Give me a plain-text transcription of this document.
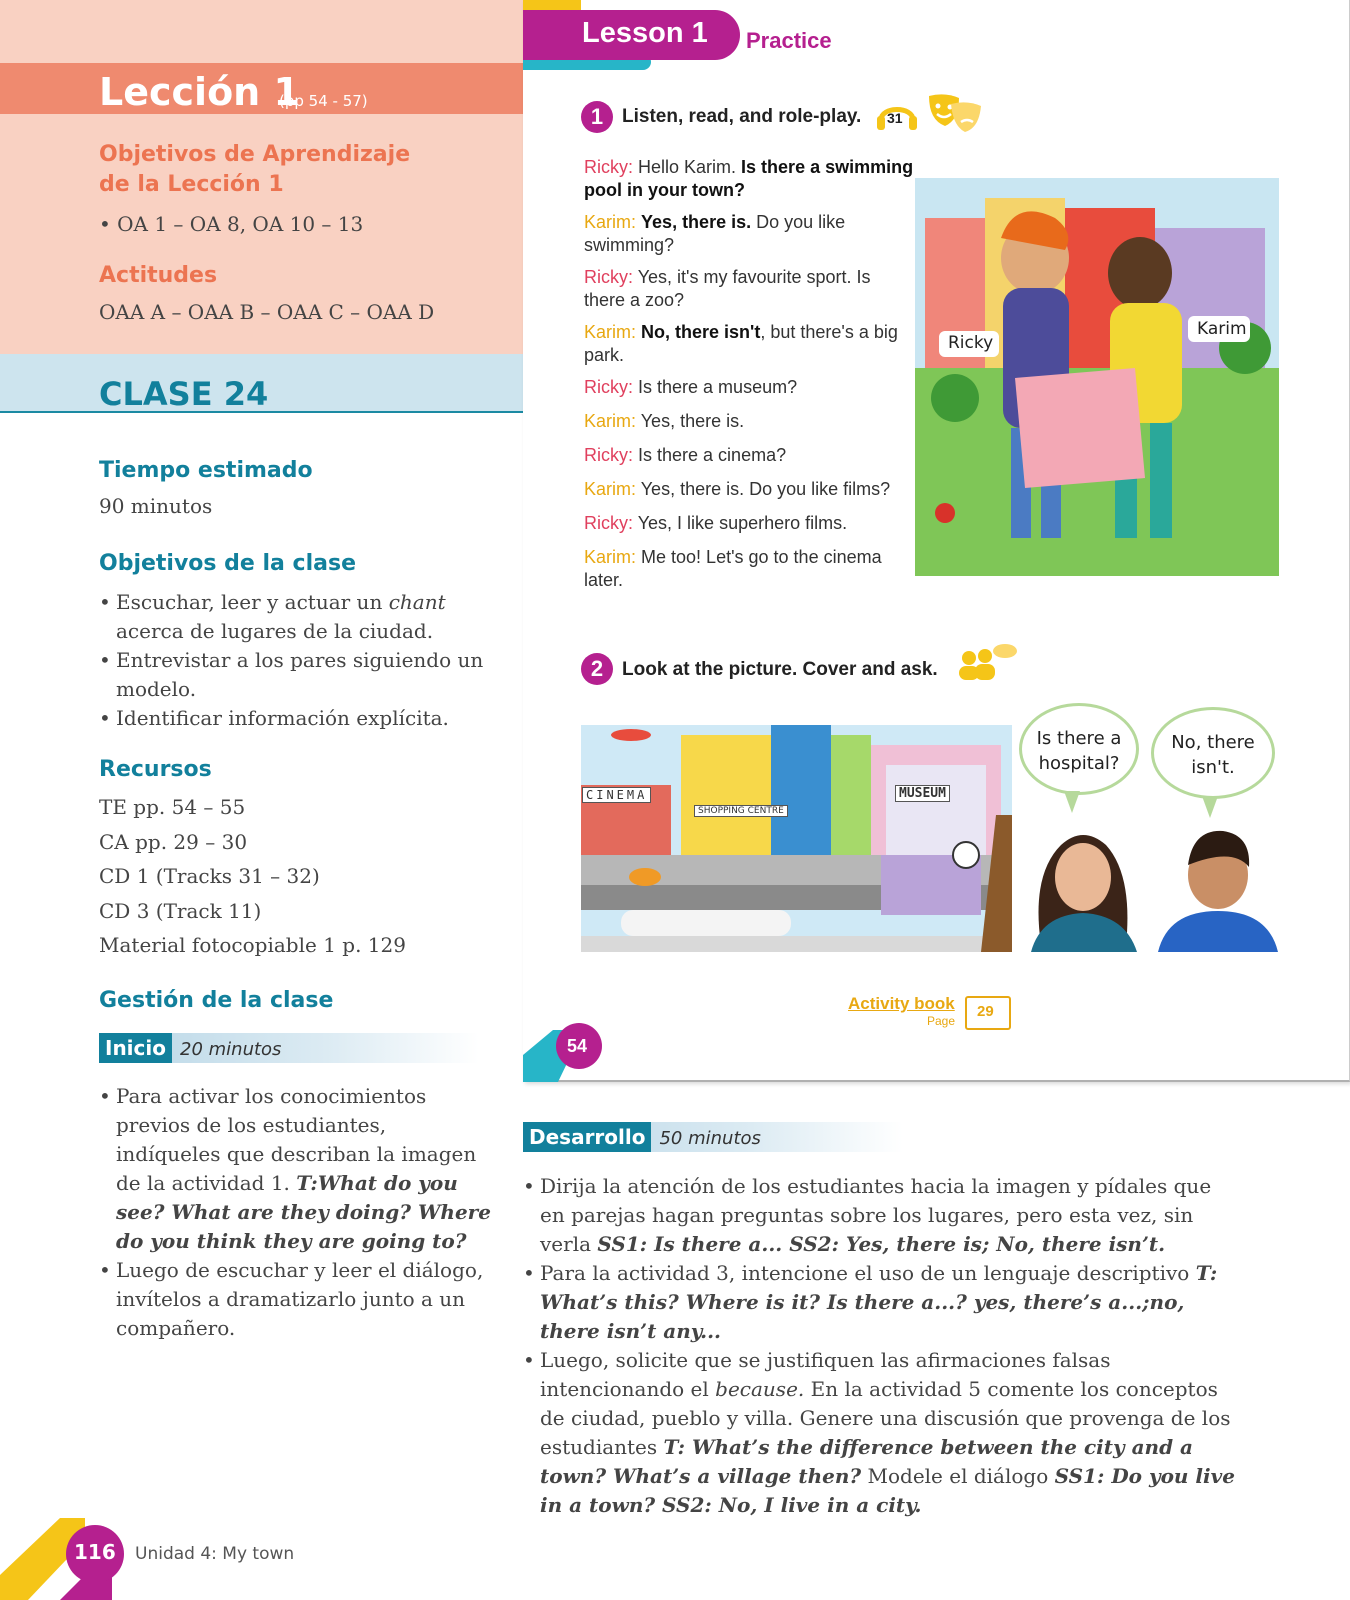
Lección 1
(pp 54 - 57)
Objetivos de Aprendizaje
de la Lección 1
• OA 1 – OA 8, OA 10 – 13
Actitudes
OAA A – OAA B – OAA C – OAA D
CLASE 24
Tiempo estimado
90 minutos
Objetivos de la clase
• Escuchar, leer y actuar un chant acerca de lugares de la ciudad.
• Entrevistar a los pares siguiendo un modelo.
• Identificar información explícita.
Recursos
TE pp. 54 – 55
CA pp. 29 – 30
CD 1 (Tracks 31 – 32)
CD 3 (Track 11)
Material fotocopiable 1 p. 129
Gestión de la clase
Inicio 20 minutos
• Para activar los conocimientos previos de los estudiantes, indíqueles que describan la imagen de la actividad 1. T:What do you see? What are they doing? Where do you think they are going to?
• Luego de escuchar y leer el diálogo, invítelos a dramatizarlo junto a un compañero.
116 Unidad 4: My town
Lesson 1 Practice
1 Listen, read, and role-play. 31
Ricky: Hello Karim. Is there a swimming pool in your town?
Karim: Yes, there is. Do you like swimming?
Ricky: Yes, it's my favourite sport. Is there a zoo?
Karim: No, there isn't, but there's a big park.
Ricky: Is there a museum?
Karim: Yes, there is.
Ricky: Is there a cinema?
Karim: Yes, there is. Do you like films?
Ricky: Yes, I like superhero films.
Karim: Me too! Let's go to the cinema later.
Ricky
Karim
2 Look at the picture. Cover and ask.
CINEMA
SHOPPING CENTRE
MUSEUM
Is there a hospital?
No, there isn't.
Activity book
Page
29
54
Desarrollo 50 minutos
• Dirija la atención de los estudiantes hacia la imagen y pídales que en parejas hagan preguntas sobre los lugares, pero esta vez, sin verla SS1: Is there a... SS2: Yes, there is; No, there isn’t.
• Para la actividad 3, intencione el uso de un lenguaje descriptivo T: What’s this? Where is it? Is there a...? yes, there’s a...;no, there isn’t any...
• Luego, solicite que se justifiquen las afirmaciones falsas intencionando el because. En la actividad 5 comente los conceptos de ciudad, pueblo y villa. Genere una discusión que provenga de los estudiantes T: What’s the difference between the city and a town? What’s a village then? Modele el diálogo SS1: Do you live in a town? SS2: No, I live in a city.
